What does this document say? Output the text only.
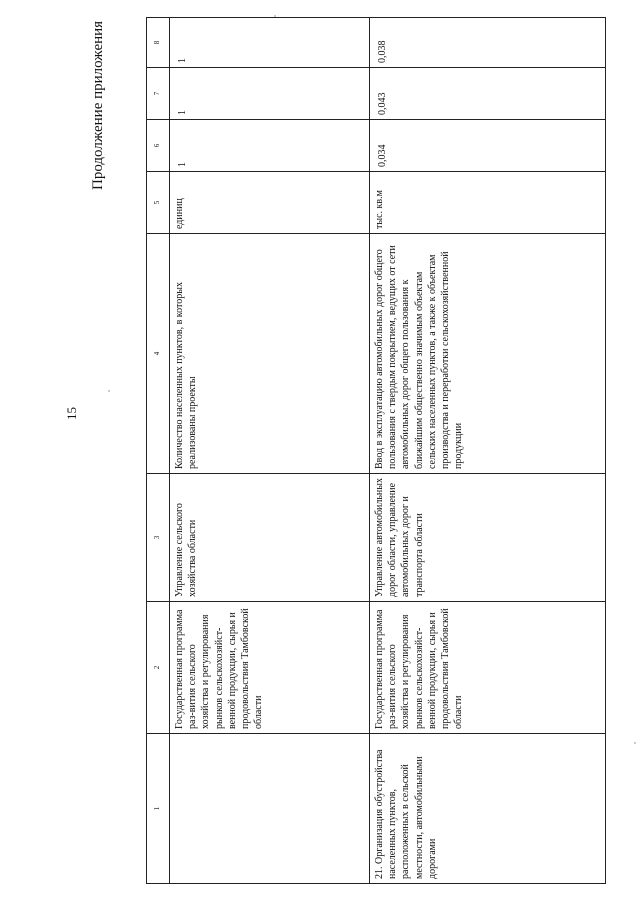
15
Продолжение приложения
1	2	3	4	5	6	7	8
	Государственная программа раз-вития сельского хозяйства и регулирования рынков сельскохозяйст-венной продукции, сырья и продовольствия Тамбовской области	Управление сельского хозяйства области	Количество населенных пунктов, в которых реализованы проекты	единиц	1	1	1
21. Организация обустройства населенных пунктов, расположенных в сельской местности, автомобильными дорогами	Государственная программа раз-вития сельского хозяйства и регулирования рынков сельскохозяйст-венной продукции, сырья и продовольствия Тамбовской области	Управление автомобильных дорог области, управление автомобильных дорог и транспорта области	Ввод в эксплуатацию автомобильных дорог общего пользования с твердым покрытием, ведущих от сети автомобильных дорог общего пользования к ближайшим общественно значимым объектам сельских населенных пунктов, а также к объектам производства и переработки сельскохозяйственной продукции	тыс. кв.м	0,034	0,043	0,038
